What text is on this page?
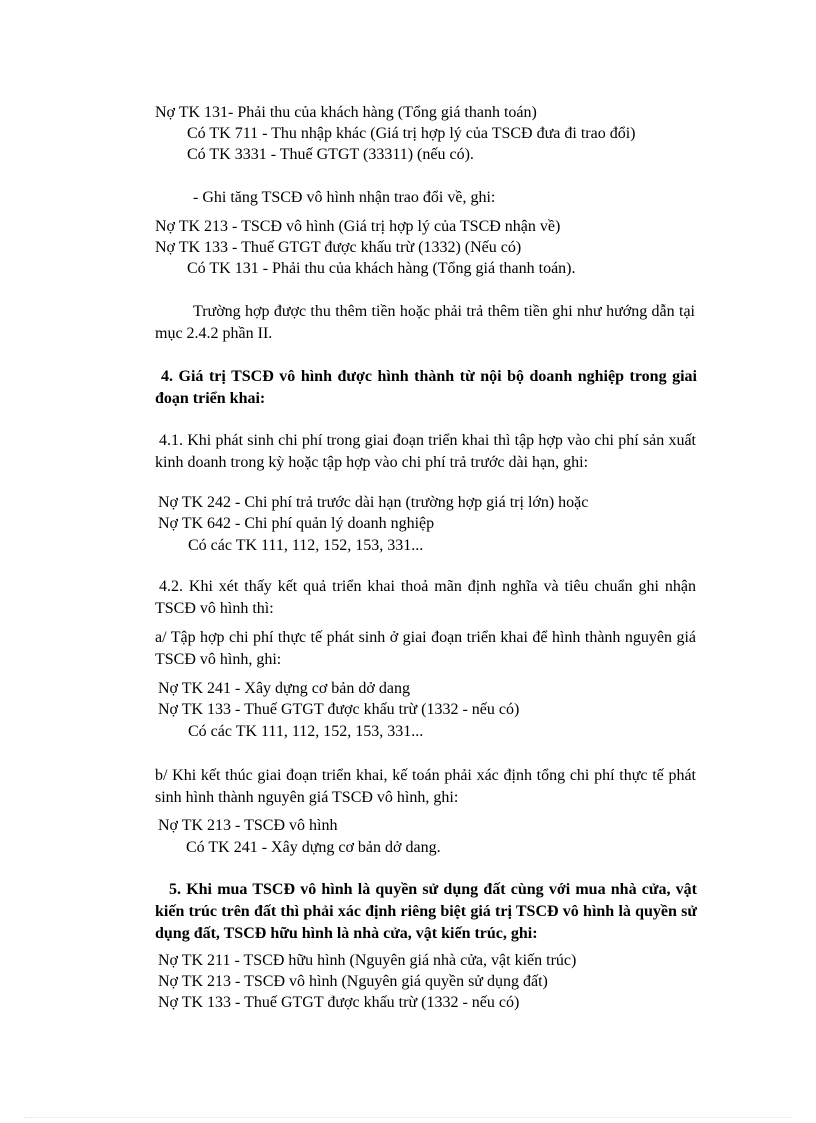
Nợ TK 131- Phải thu của khách hàng (Tổng giá thanh toán)
Có TK 711 - Thu nhập khác (Giá trị hợp lý của TSCĐ đưa đi trao đổi)
Có TK 3331 - Thuế GTGT (33311) (nếu có).
- Ghi tăng TSCĐ vô hình nhận trao đổi về, ghi:
Nợ TK 213 - TSCĐ vô hình (Giá trị hợp lý của TSCĐ nhận về)
Nợ TK 133 - Thuế GTGT được khấu trừ (1332) (Nếu có)
Có TK 131 - Phải thu của khách hàng (Tổng giá thanh toán).
Trường hợp được thu thêm tiền hoặc phải trả thêm tiền ghi như hướng dẫn tại mục 2.4.2 phần II.
4. Giá trị TSCĐ vô hình được hình thành từ nội bộ doanh nghiệp trong giai đoạn triển khai:
4.1. Khi phát sinh chi phí trong giai đoạn triển khai thì tập hợp vào chi phí sản xuất kinh doanh trong kỳ hoặc tập hợp vào chi phí trả trước dài hạn, ghi:
Nợ TK 242 - Chi phí trả trước dài hạn (trường hợp giá trị lớn) hoặc
Nợ TK 642 - Chi phí quản lý doanh nghiệp
Có các TK 111, 112, 152, 153, 331...
4.2. Khi xét thấy kết quả triển khai thoả mãn định nghĩa và tiêu chuẩn ghi nhận TSCĐ vô hình thì:
a/ Tập hợp chi phí thực tế phát sinh ở giai đoạn triển khai để hình thành nguyên giá TSCĐ vô hình, ghi:
Nợ TK 241 - Xây dựng cơ bản dở dang
Nợ TK 133 - Thuế GTGT được khấu trừ (1332 - nếu có)
Có các TK 111, 112, 152, 153, 331...
b/ Khi kết thúc giai đoạn triển khai, kế toán phải xác định tổng chi phí thực tế phát sinh hình thành nguyên giá TSCĐ vô hình, ghi:
Nợ TK 213 - TSCĐ vô hình
Có TK 241 - Xây dựng cơ bản dở dang.
5. Khi mua TSCĐ vô hình là quyền sử dụng đất cùng với mua nhà cửa, vật kiến trúc trên đất thì phải xác định riêng biệt giá trị TSCĐ vô hình là quyền sử dụng đất, TSCĐ hữu hình là nhà cửa, vật kiến trúc, ghi:
Nợ TK 211 - TSCĐ hữu hình (Nguyên giá nhà cửa, vật kiến trúc)
Nợ TK 213 - TSCĐ vô hình (Nguyên giá quyền sử dụng đất)
Nợ TK 133 - Thuế GTGT được khấu trừ (1332 - nếu có)
